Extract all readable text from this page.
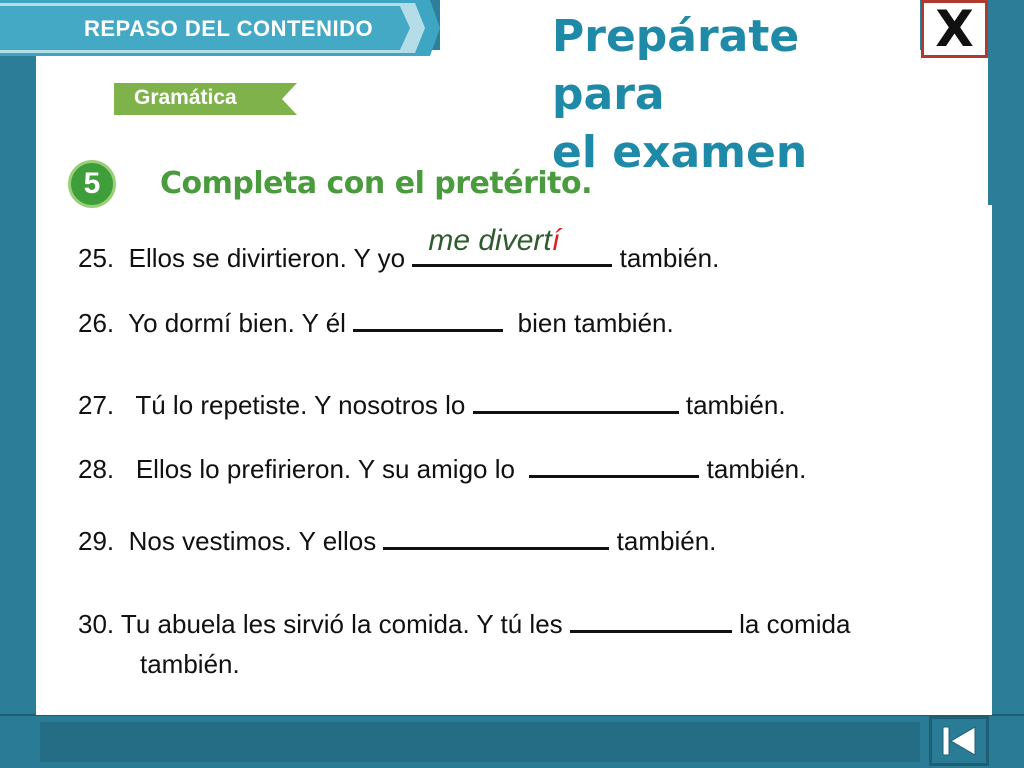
REPASO DEL CONTENIDO	Prepárate para
el examen
X
Gramática
5	Completa con el pretérito.
25. Ellos se divirtieron. Y yo
me divertí
también.
26. Yo dormí bien. Y él	bien también.
27. Tú lo repetiste. Y nosotros lo	también.
28. Ellos lo prefirieron. Y su amigo lo	también.
29. Nos vestimos. Y ellos	también.
30. Tu abuela les sirvió la comida. Y tú les	la comida
también.
